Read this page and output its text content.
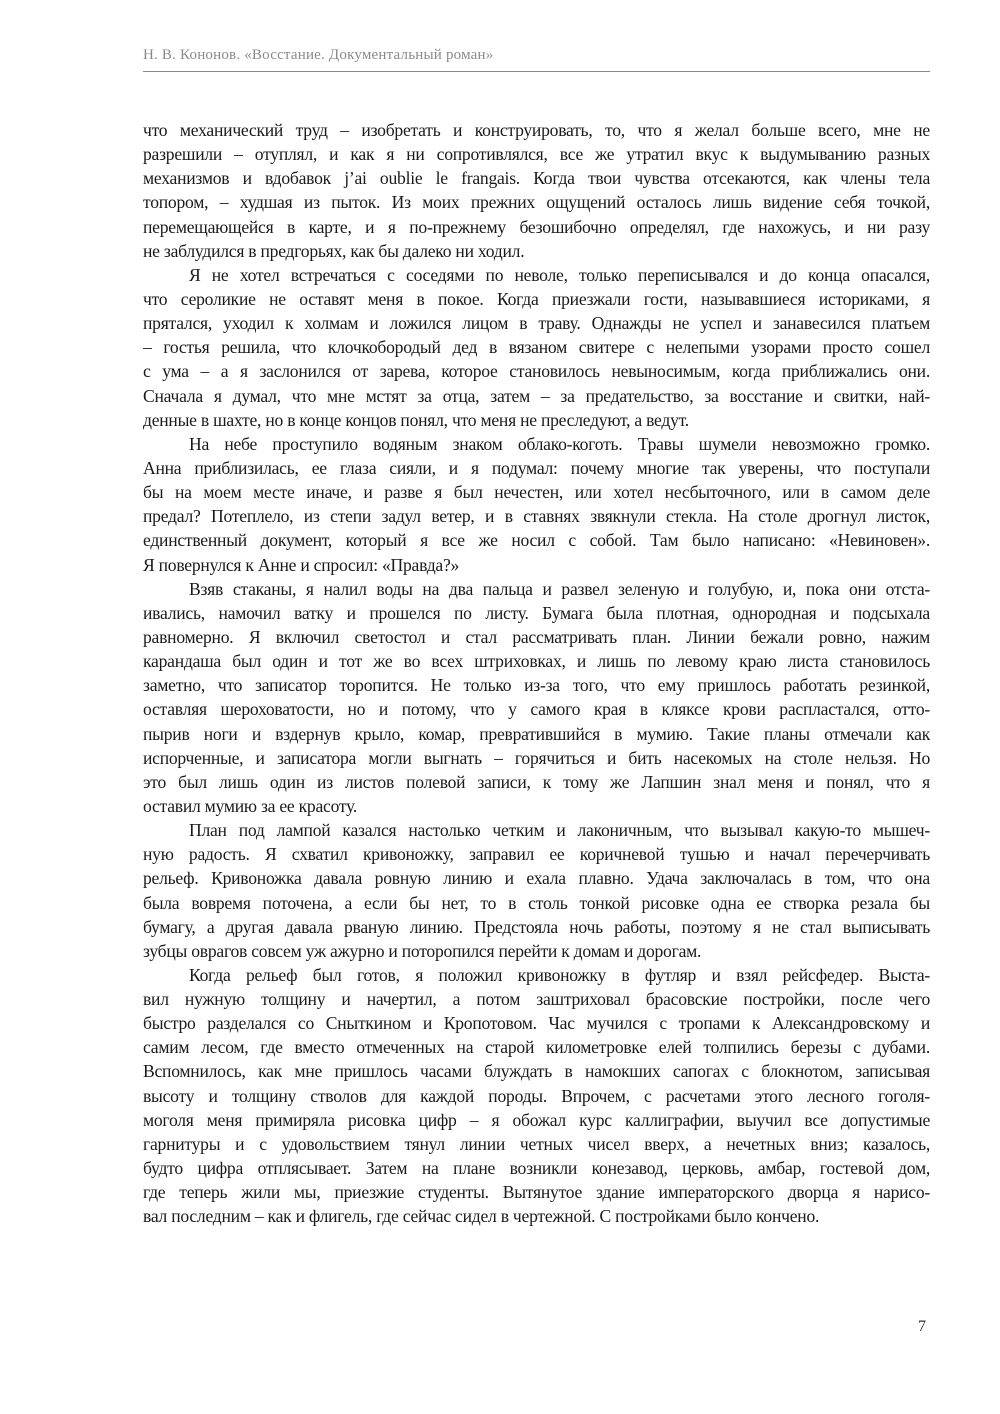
Н. В. Кононов. «Восстание. Документальный роман»
что механический труд – изобретать и конструировать, то, что я желал больше всего, мне не
разрешили – отуплял, и как я ни сопротивлялся, все же утратил вкус к выдумыванию разных
механизмов и вдобавок j’ai oublie le frangais. Когда твои чувства отсекаются, как члены тела
топором, – худшая из пыток. Из моих прежних ощущений осталось лишь видение себя точкой,
перемещающейся в карте, и я по-прежнему безошибочно определял, где нахожусь, и ни разу
не заблудился в предгорьях, как бы далеко ни ходил.
Я не хотел встречаться с соседями по неволе, только переписывался и до конца опасался,
что сероликие не оставят меня в покое. Когда приезжали гости, называвшиеся историками, я
прятался, уходил к холмам и ложился лицом в траву. Однажды не успел и занавесился платьем
– гостья решила, что клочкобородый дед в вязаном свитере с нелепыми узорами просто сошел
с ума – а я заслонился от зарева, которое становилось невыносимым, когда приближались они.
Сначала я думал, что мне мстят за отца, затем – за предательство, за восстание и свитки, най-
денные в шахте, но в конце концов понял, что меня не преследуют, а ведут.
На небе проступило водяным знаком облако-коготь. Травы шумели невозможно громко.
Анна приблизилась, ее глаза сияли, и я подумал: почему многие так уверены, что поступали
бы на моем месте иначе, и разве я был нечестен, или хотел несбыточного, или в самом деле
предал? Потеплело, из степи задул ветер, и в ставнях звякнули стекла. На столе дрогнул листок,
единственный документ, который я все же носил с собой. Там было написано: «Невиновен».
Я повернулся к Анне и спросил: «Правда?»
Взяв стаканы, я налил воды на два пальца и развел зеленую и голубую, и, пока они отста-
ивались, намочил ватку и прошелся по листу. Бумага была плотная, однородная и подсыхала
равномерно. Я включил светостол и стал рассматривать план. Линии бежали ровно, нажим
карандаша был один и тот же во всех штриховках, и лишь по левому краю листа становилось
заметно, что записатор торопится. Не только из-за того, что ему пришлось работать резинкой,
оставляя шероховатости, но и потому, что у самого края в кляксе крови распластался, отто-
пырив ноги и вздернув крыло, комар, превратившийся в мумию. Такие планы отмечали как
испорченные, и записатора могли выгнать – горячиться и бить насекомых на столе нельзя. Но
это был лишь один из листов полевой записи, к тому же Лапшин знал меня и понял, что я
оставил мумию за ее красоту.
План под лампой казался настолько четким и лаконичным, что вызывал какую-то мышеч-
ную радость. Я схватил кривоножку, заправил ее коричневой тушью и начал перечерчивать
рельеф. Кривоножка давала ровную линию и ехала плавно. Удача заключалась в том, что она
была вовремя поточена, а если бы нет, то в столь тонкой рисовке одна ее створка резала бы
бумагу, а другая давала рваную линию. Предстояла ночь работы, поэтому я не стал выписывать
зубцы оврагов совсем уж ажурно и поторопился перейти к домам и дорогам.
Когда рельеф был готов, я положил кривоножку в футляр и взял рейсфедер. Выста-
вил нужную толщину и начертил, а потом заштриховал брасовские постройки, после чего
быстро разделался со Сныткином и Кропотовом. Час мучился с тропами к Александровскому и
самим лесом, где вместо отмеченных на старой километровке елей толпились березы с дубами.
Вспомнилось, как мне пришлось часами блуждать в намокших сапогах с блокнотом, записывая
высоту и толщину стволов для каждой породы. Впрочем, с расчетами этого лесного гоголя-
моголя меня примиряла рисовка цифр – я обожал курс каллиграфии, выучил все допустимые
гарнитуры и с удовольствием тянул линии четных чисел вверх, а нечетных вниз; казалось,
будто цифра отплясывает. Затем на плане возникли конезавод, церковь, амбар, гостевой дом,
где теперь жили мы, приезжие студенты. Вытянутое здание императорского дворца я нарисо-
вал последним – как и флигель, где сейчас сидел в чертежной. С постройками было кончено.
7
